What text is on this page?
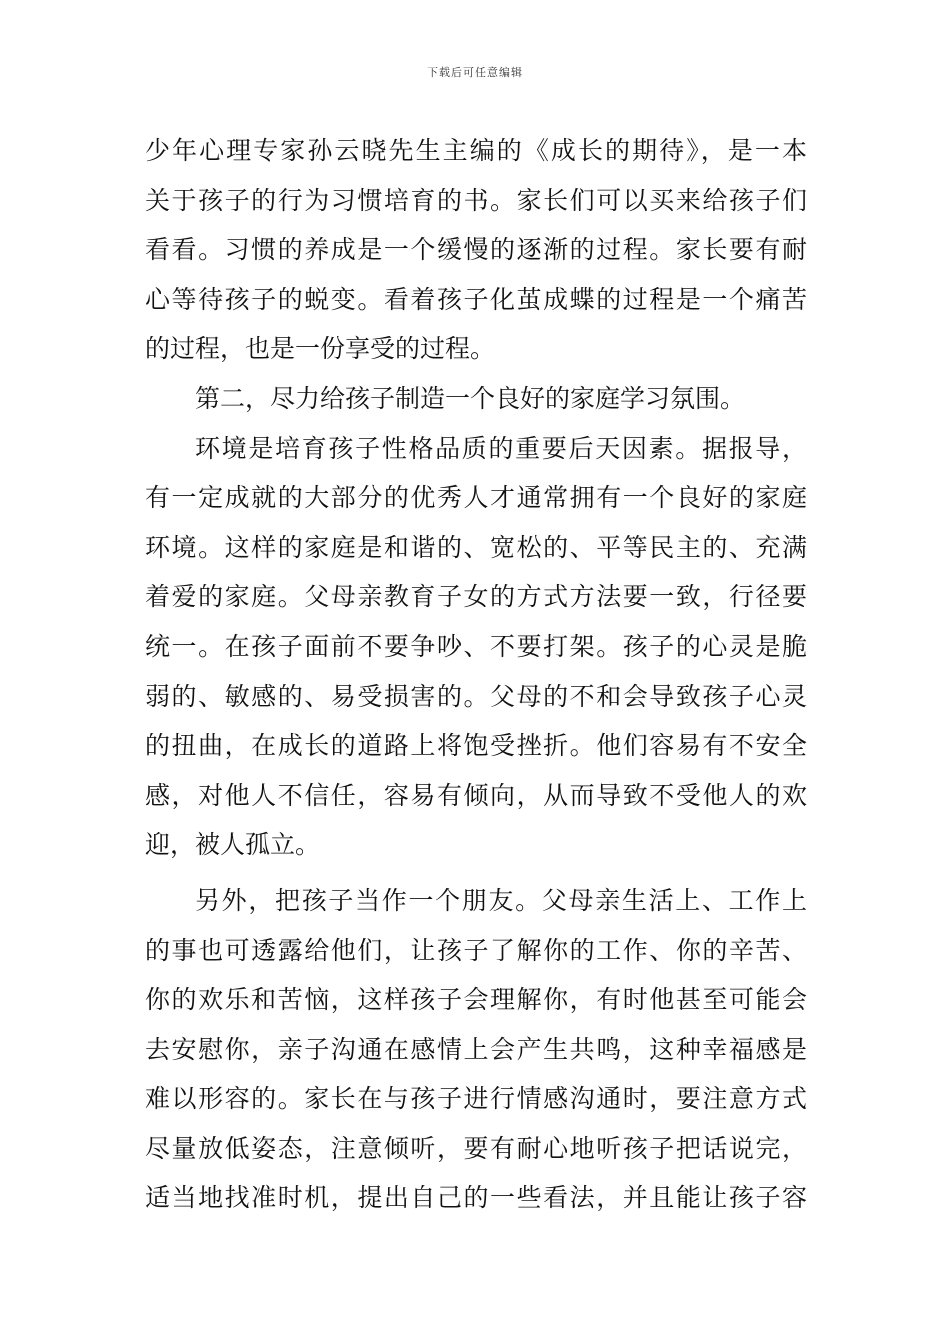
下载后可任意编辑
少年心理专家孙云晓先生主编的《成长的期待》，是一本
关于孩子的行为习惯培育的书。家长们可以买来给孩子们
看看。习惯的养成是一个缓慢的逐渐的过程。家长要有耐
心等待孩子的蜕变。看着孩子化茧成蝶的过程是一个痛苦
的过程，也是一份享受的过程。
第二，尽力给孩子制造一个良好的家庭学习氛围。
环境是培育孩子性格品质的重要后天因素。据报导，
有一定成就的大部分的优秀人才通常拥有一个良好的家庭
环境。这样的家庭是和谐的、宽松的、平等民主的、充满
着爱的家庭。父母亲教育子女的方式方法要一致，行径要
统一。在孩子面前不要争吵、不要打架。孩子的心灵是脆
弱的、敏感的、易受损害的。父母的不和会导致孩子心灵
的扭曲，在成长的道路上将饱受挫折。他们容易有不安全
感，对他人不信任，容易有倾向，从而导致不受他人的欢
迎，被人孤立。
另外，把孩子当作一个朋友。父母亲生活上、工作上
的事也可透露给他们，让孩子了解你的工作、你的辛苦、
你的欢乐和苦恼，这样孩子会理解你，有时他甚至可能会
去安慰你，亲子沟通在感情上会产生共鸣，这种幸福感是
难以形容的。家长在与孩子进行情感沟通时，要注意方式
尽量放低姿态，注意倾听，要有耐心地听孩子把话说完，
适当地找准时机，提出自己的一些看法，并且能让孩子容
